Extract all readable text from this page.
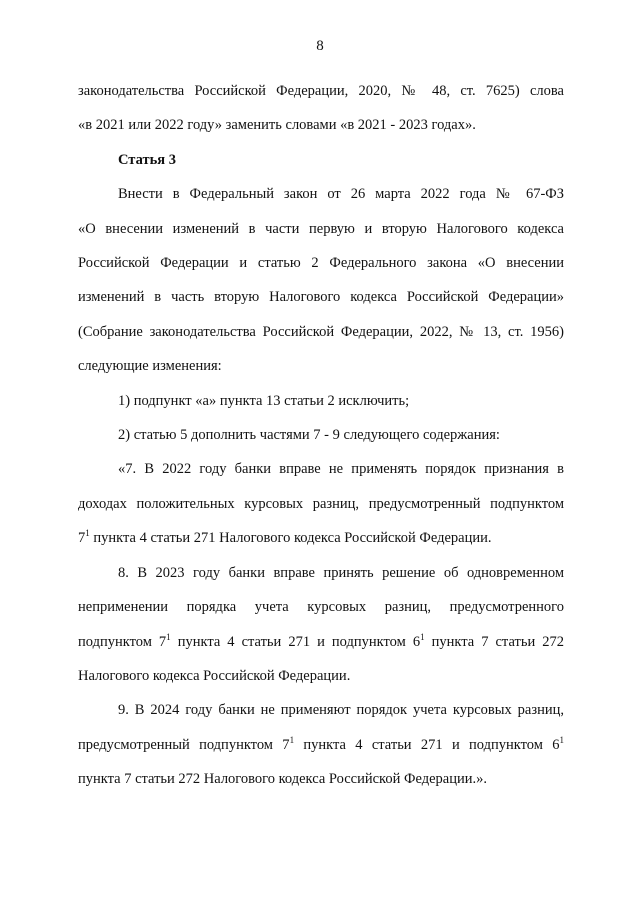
8
законодательства Российской Федерации, 2020, № 48, ст. 7625) слова
«в 2021 или 2022 году» заменить словами «в 2021 - 2023 годах».
Статья 3
Внести в Федеральный закон от 26 марта 2022 года № 67-ФЗ
«О внесении изменений в части первую и вторую Налогового кодекса
Российской Федерации и статью 2 Федерального закона «О внесении
изменений в часть вторую Налогового кодекса Российской Федерации»
(Собрание законодательства Российской Федерации, 2022, № 13, ст. 1956)
следующие изменения:
1) подпункт «а» пункта 13 статьи 2 исключить;
2) статью 5 дополнить частями 7 - 9 следующего содержания:
«7. В 2022 году банки вправе не применять порядок признания в
доходах положительных курсовых разниц, предусмотренный подпунктом
$7^1$ пункта 4 статьи 271 Налогового кодекса Российской Федерации.
8. В 2023 году банки вправе принять решение об одновременном
неприменении порядка учета курсовых разниц, предусмотренного
подпунктом $7^1$ пункта 4 статьи 271 и подпунктом $6^1$ пункта 7 статьи 272
Налогового кодекса Российской Федерации.
9. В 2024 году банки не применяют порядок учета курсовых разниц,
предусмотренный подпунктом $7^1$ пункта 4 статьи 271 и подпунктом $6^1$
пункта 7 статьи 272 Налогового кодекса Российской Федерации.».
